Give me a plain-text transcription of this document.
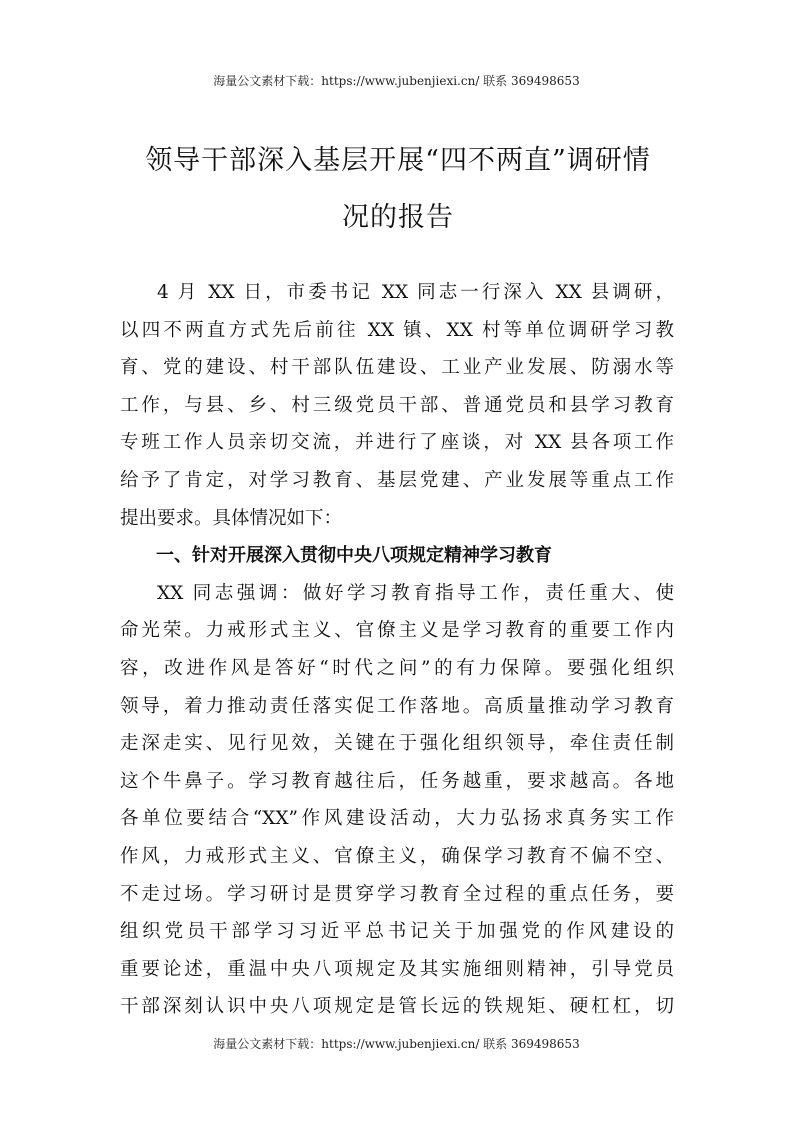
海量公文素材下载：https://www.jubenjiexi.cn/ 联系 369498653
领导干部深入基层开展“四不两直”调研情
况的报告
4 月 XX 日，市委书记 XX 同志一行深入 XX 县调研，
以四不两直方式先后前往 XX 镇、XX 村等单位调研学习教
育、党的建设、村干部队伍建设、工业产业发展、防溺水等
工作，与县、乡、村三级党员干部、普通党员和县学习教育
专班工作人员亲切交流，并进行了座谈，对 XX 县各项工作
给予了肯定，对学习教育、基层党建、产业发展等重点工作
提出要求。具体情况如下：
一、针对开展深入贯彻中央八项规定精神学习教育
XX 同志强调：做好学习教育指导工作，责任重大、使
命光荣。力戒形式主义、官僚主义是学习教育的重要工作内
容，改进作风是答好“时代之问”的有力保障。要强化组织
领导，着力推动责任落实促工作落地。高质量推动学习教育
走深走实、见行见效，关键在于强化组织领导，牵住责任制
这个牛鼻子。学习教育越往后，任务越重，要求越高。各地
各单位要结合“XX”作风建设活动，大力弘扬求真务实工作
作风，力戒形式主义、官僚主义，确保学习教育不偏不空、
不走过场。学习研讨是贯穿学习教育全过程的重点任务，要
组织党员干部学习习近平总书记关于加强党的作风建设的
重要论述，重温中央八项规定及其实施细则精神，引导党员
干部深刻认识中央八项规定是管长远的铁规矩、硬杠杠，切
海量公文素材下载：https://www.jubenjiexi.cn/ 联系 369498653
